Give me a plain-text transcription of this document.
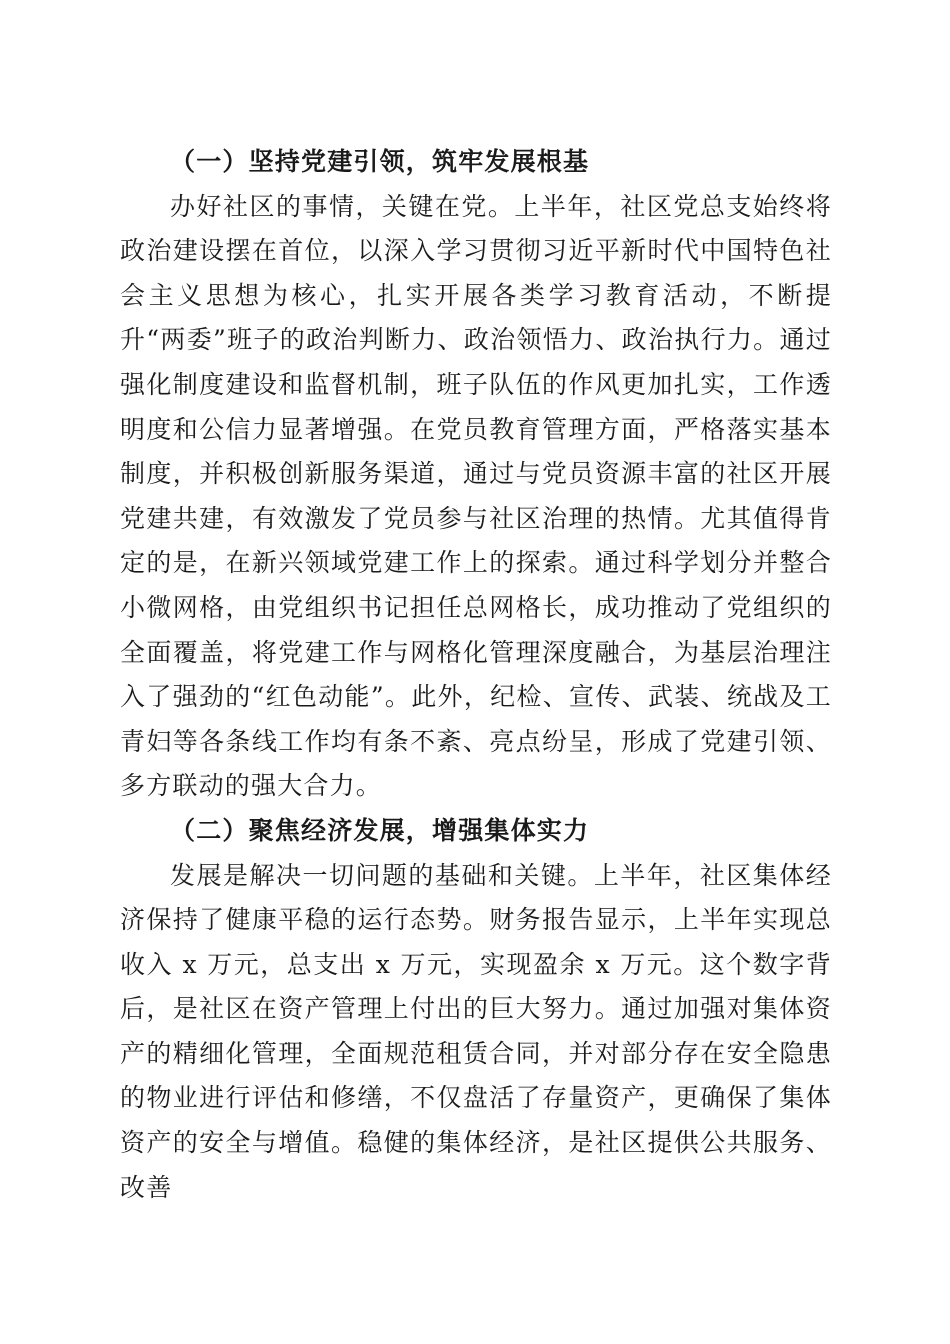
（一）坚持党建引领，筑牢发展根基

办好社区的事情，关键在党。上半年，社区党总支始终将政治建设摆在首位，以深入学习贯彻习近平新时代中国特色社会主义思想为核心，扎实开展各类学习教育活动，不断提升“两委”班子的政治判断力、政治领悟力、政治执行力。通过强化制度建设和监督机制，班子队伍的作风更加扎实，工作透明度和公信力显著增强。在党员教育管理方面，严格落实基本制度，并积极创新服务渠道，通过与党员资源丰富的社区开展党建共建，有效激发了党员参与社区治理的热情。尤其值得肯定的是，在新兴领域党建工作上的探索。通过科学划分并整合小微网格，由党组织书记担任总网格长，成功推动了党组织的全面覆盖，将党建工作与网格化管理深度融合，为基层治理注入了强劲的“红色动能”。此外，纪检、宣传、武装、统战及工青妇等各条线工作均有条不紊、亮点纷呈，形成了党建引领、多方联动的强大合力。

（二）聚焦经济发展，增强集体实力

发展是解决一切问题的基础和关键。上半年，社区集体经济保持了健康平稳的运行态势。财务报告显示，上半年实现总收入 x 万元，总支出 x 万元，实现盈余 x 万元。这个数字背后，是社区在资产管理上付出的巨大努力。通过加强对集体资产的精细化管理，全面规范租赁合同，并对部分存在安全隐患的物业进行评估和修缮，不仅盘活了存量资产，更确保了集体资产的安全与增值。稳健的集体经济，是社区提供公共服务、改善
